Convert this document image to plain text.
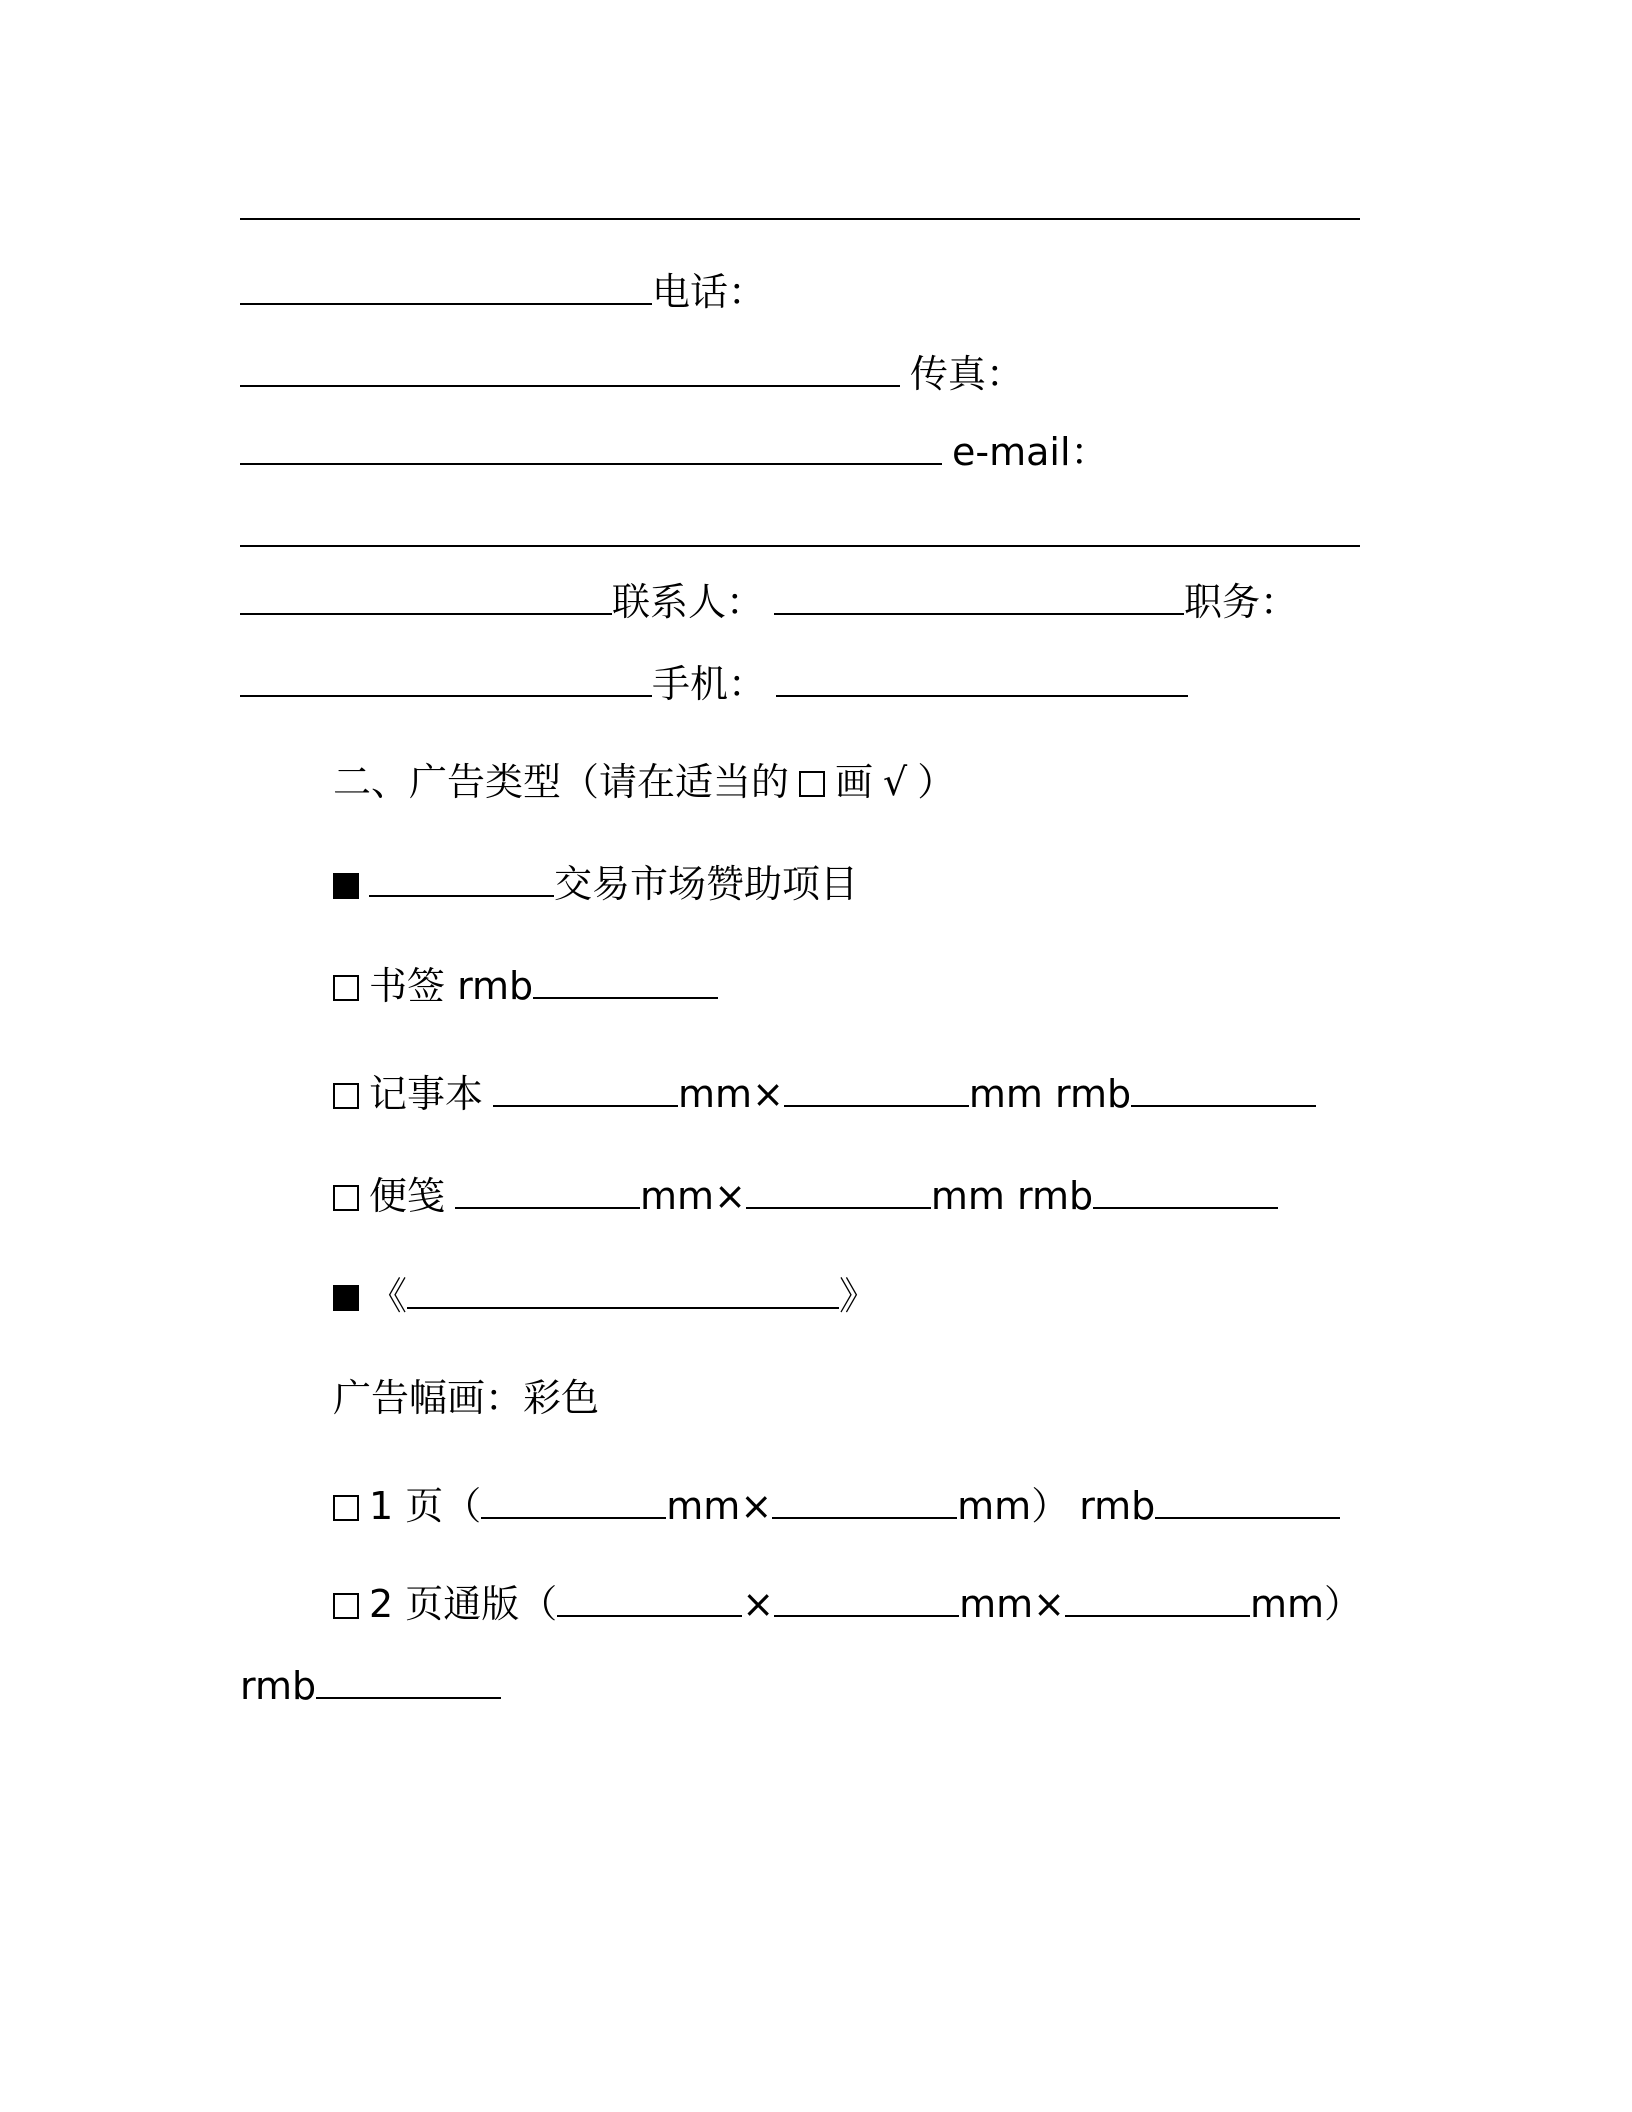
电话：
传真：
e-mail：
联系人：	职务：
手机：
二、广告类型（请在适当的 画 √ ）
交易市场赞助项目
书签 rmb
记事本	mm×	mm rmb
便笺	mm×	mm rmb
《	》
广告幅画：彩色
1 页（	mm×	mm） rmb
2 页通版（	×	mm×	mm）
rmb
